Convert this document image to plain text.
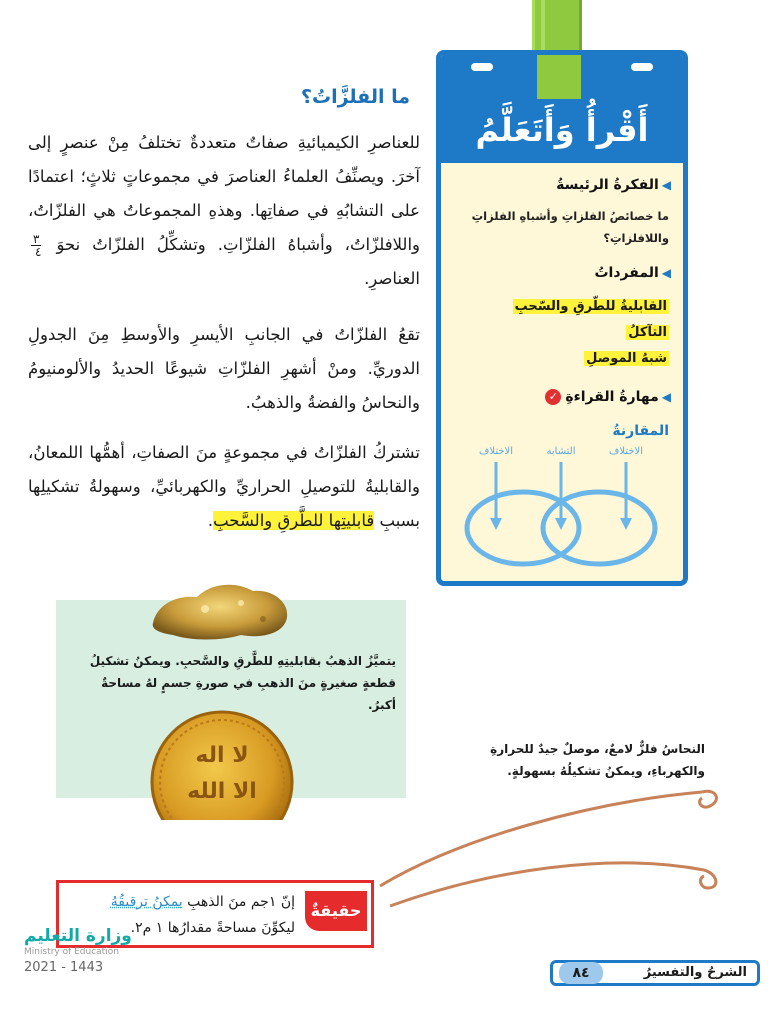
ما الفلزَّاتُ؟
للعناصرِ الكيميائيةِ صفاتٌ متعددةٌ تختلفُ مِنْ عنصرٍ إلى آخرَ. ويصنِّفُ العلماءُ العناصرَ في مجموعاتٍ ثلاثٍ؛ اعتمادًا على التشابُهِ في صفاتِها. وهذهِ المجموعاتُ هي الفلزّاتُ، واللافلزّاتُ، وأشباهُ الفلزّاتِ. وتشكِّلُ الفلزّاتُ نحوَ
$\frac{٣}{٤}$
العناصرِ.
تقعُ الفلزّاتُ في الجانبِ الأيسرِ والأوسطِ مِنَ الجدولِ الدوريِّ. ومنْ أشهرِ الفلزّاتِ شيوعًا الحديدُ والألومنيومُ والنحاسُ والفضةُ والذهبُ.
تشتركُ الفلزّاتُ في مجموعةٍ منَ الصفاتِ، أهمُّها اللمعانُ، والقابليةُ للتوصيلِ الحراريِّ والكهربائيِّ، وسهولةُ تشكيلِها بسببِ قابليتِها للطَّرقِ والسَّحبِ.
أَقْرأُ وَأَتَعَلَّمُ
◀الفكرةُ الرئيسةُ
ما خصائصُ الفلزاتِ وأشباهِ الفلزاتِ واللافلزاتِ؟
◀المفرداتُ
القابليةُ للطّرقِ والسّحبِ
التآكلُ
شبهُ الموصلِ
◀مهارةُ القراءةِ✓
المقارنةُ
الاختلاف
التشابه
الاختلاف
يتميَّزُ الذهبُ بقابليتِهِ للطَّرقِ والسَّحبِ. ويمكنُ تشكيلُ قطعةٍ صغيرةٍ منَ الذهبِ في صورةِ جسمٍ لهُ مساحةٌ أكبرُ.
لا اله
الا الله
النحاسُ فلزٌّ لامعٌ، موصلٌ جيدٌ للحرارةِ والكهرباءِ، ويمكنُ تشكيلُهُ بسهولةٍ.
حقيقةٌ
إنّ ١جم منَ الذهبِ يمكنُ ترقيقُهُ
ليكوِّنَ مساحةً مقدارُها ١ م٢.
وزارة التعليم
Ministry of Education
2021 - 1443	الشرحُ والتفسيرُ
٨٤
